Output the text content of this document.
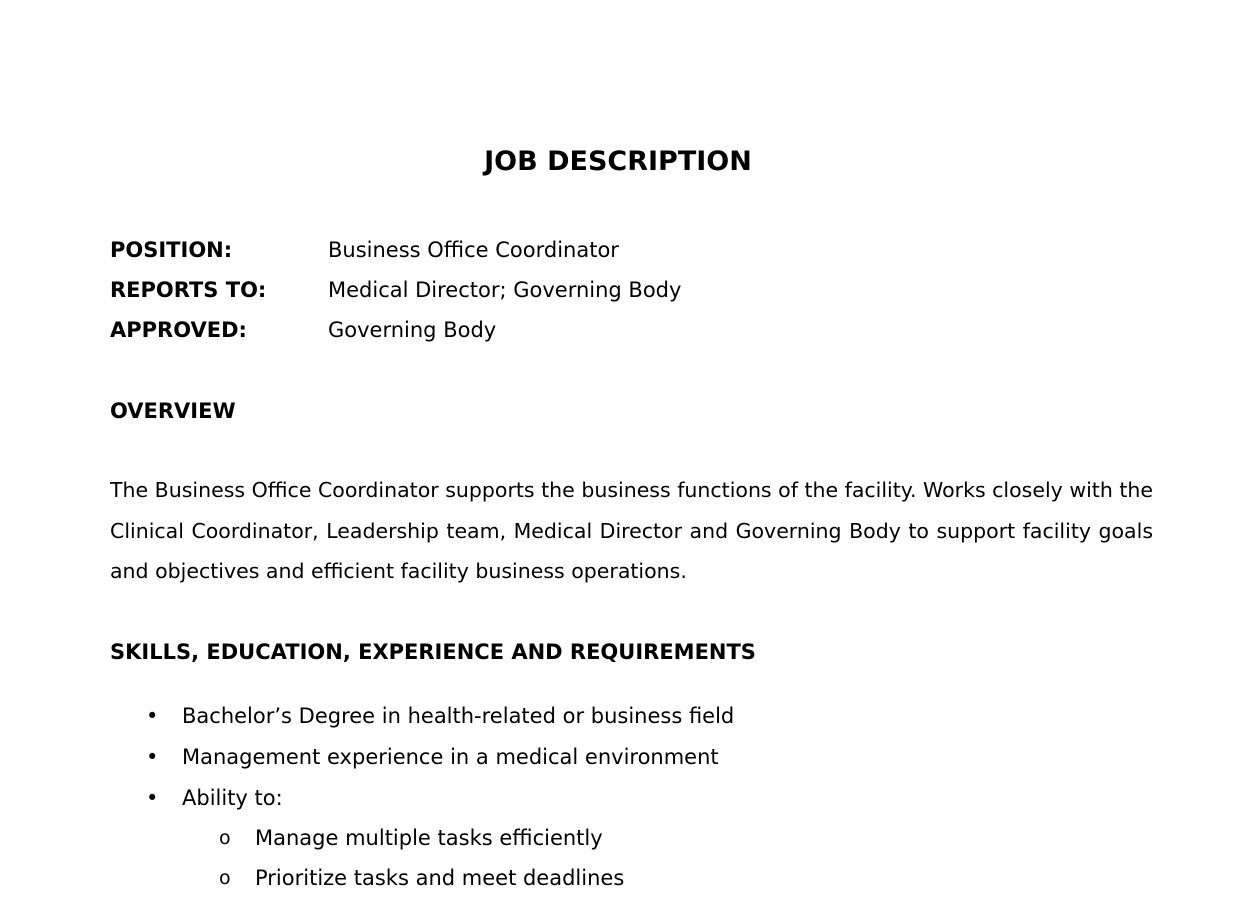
JOB DESCRIPTION
POSITION:	Business Office Coordinator
REPORTS TO:	Medical Director; Governing Body
APPROVED:	Governing Body
OVERVIEW

The Business Office Coordinator supports the business functions of the facility. Works closely with the Clinical Coordinator, Leadership team, Medical Director and Governing Body to support facility goals and objectives and efficient facility business operations.

SKILLS, EDUCATION, EXPERIENCE AND REQUIREMENTS
• Bachelor’s Degree in health-related or business field
• Management experience in a medical environment
• Ability to:
o Manage multiple tasks efficiently
o Prioritize tasks and meet deadlines
